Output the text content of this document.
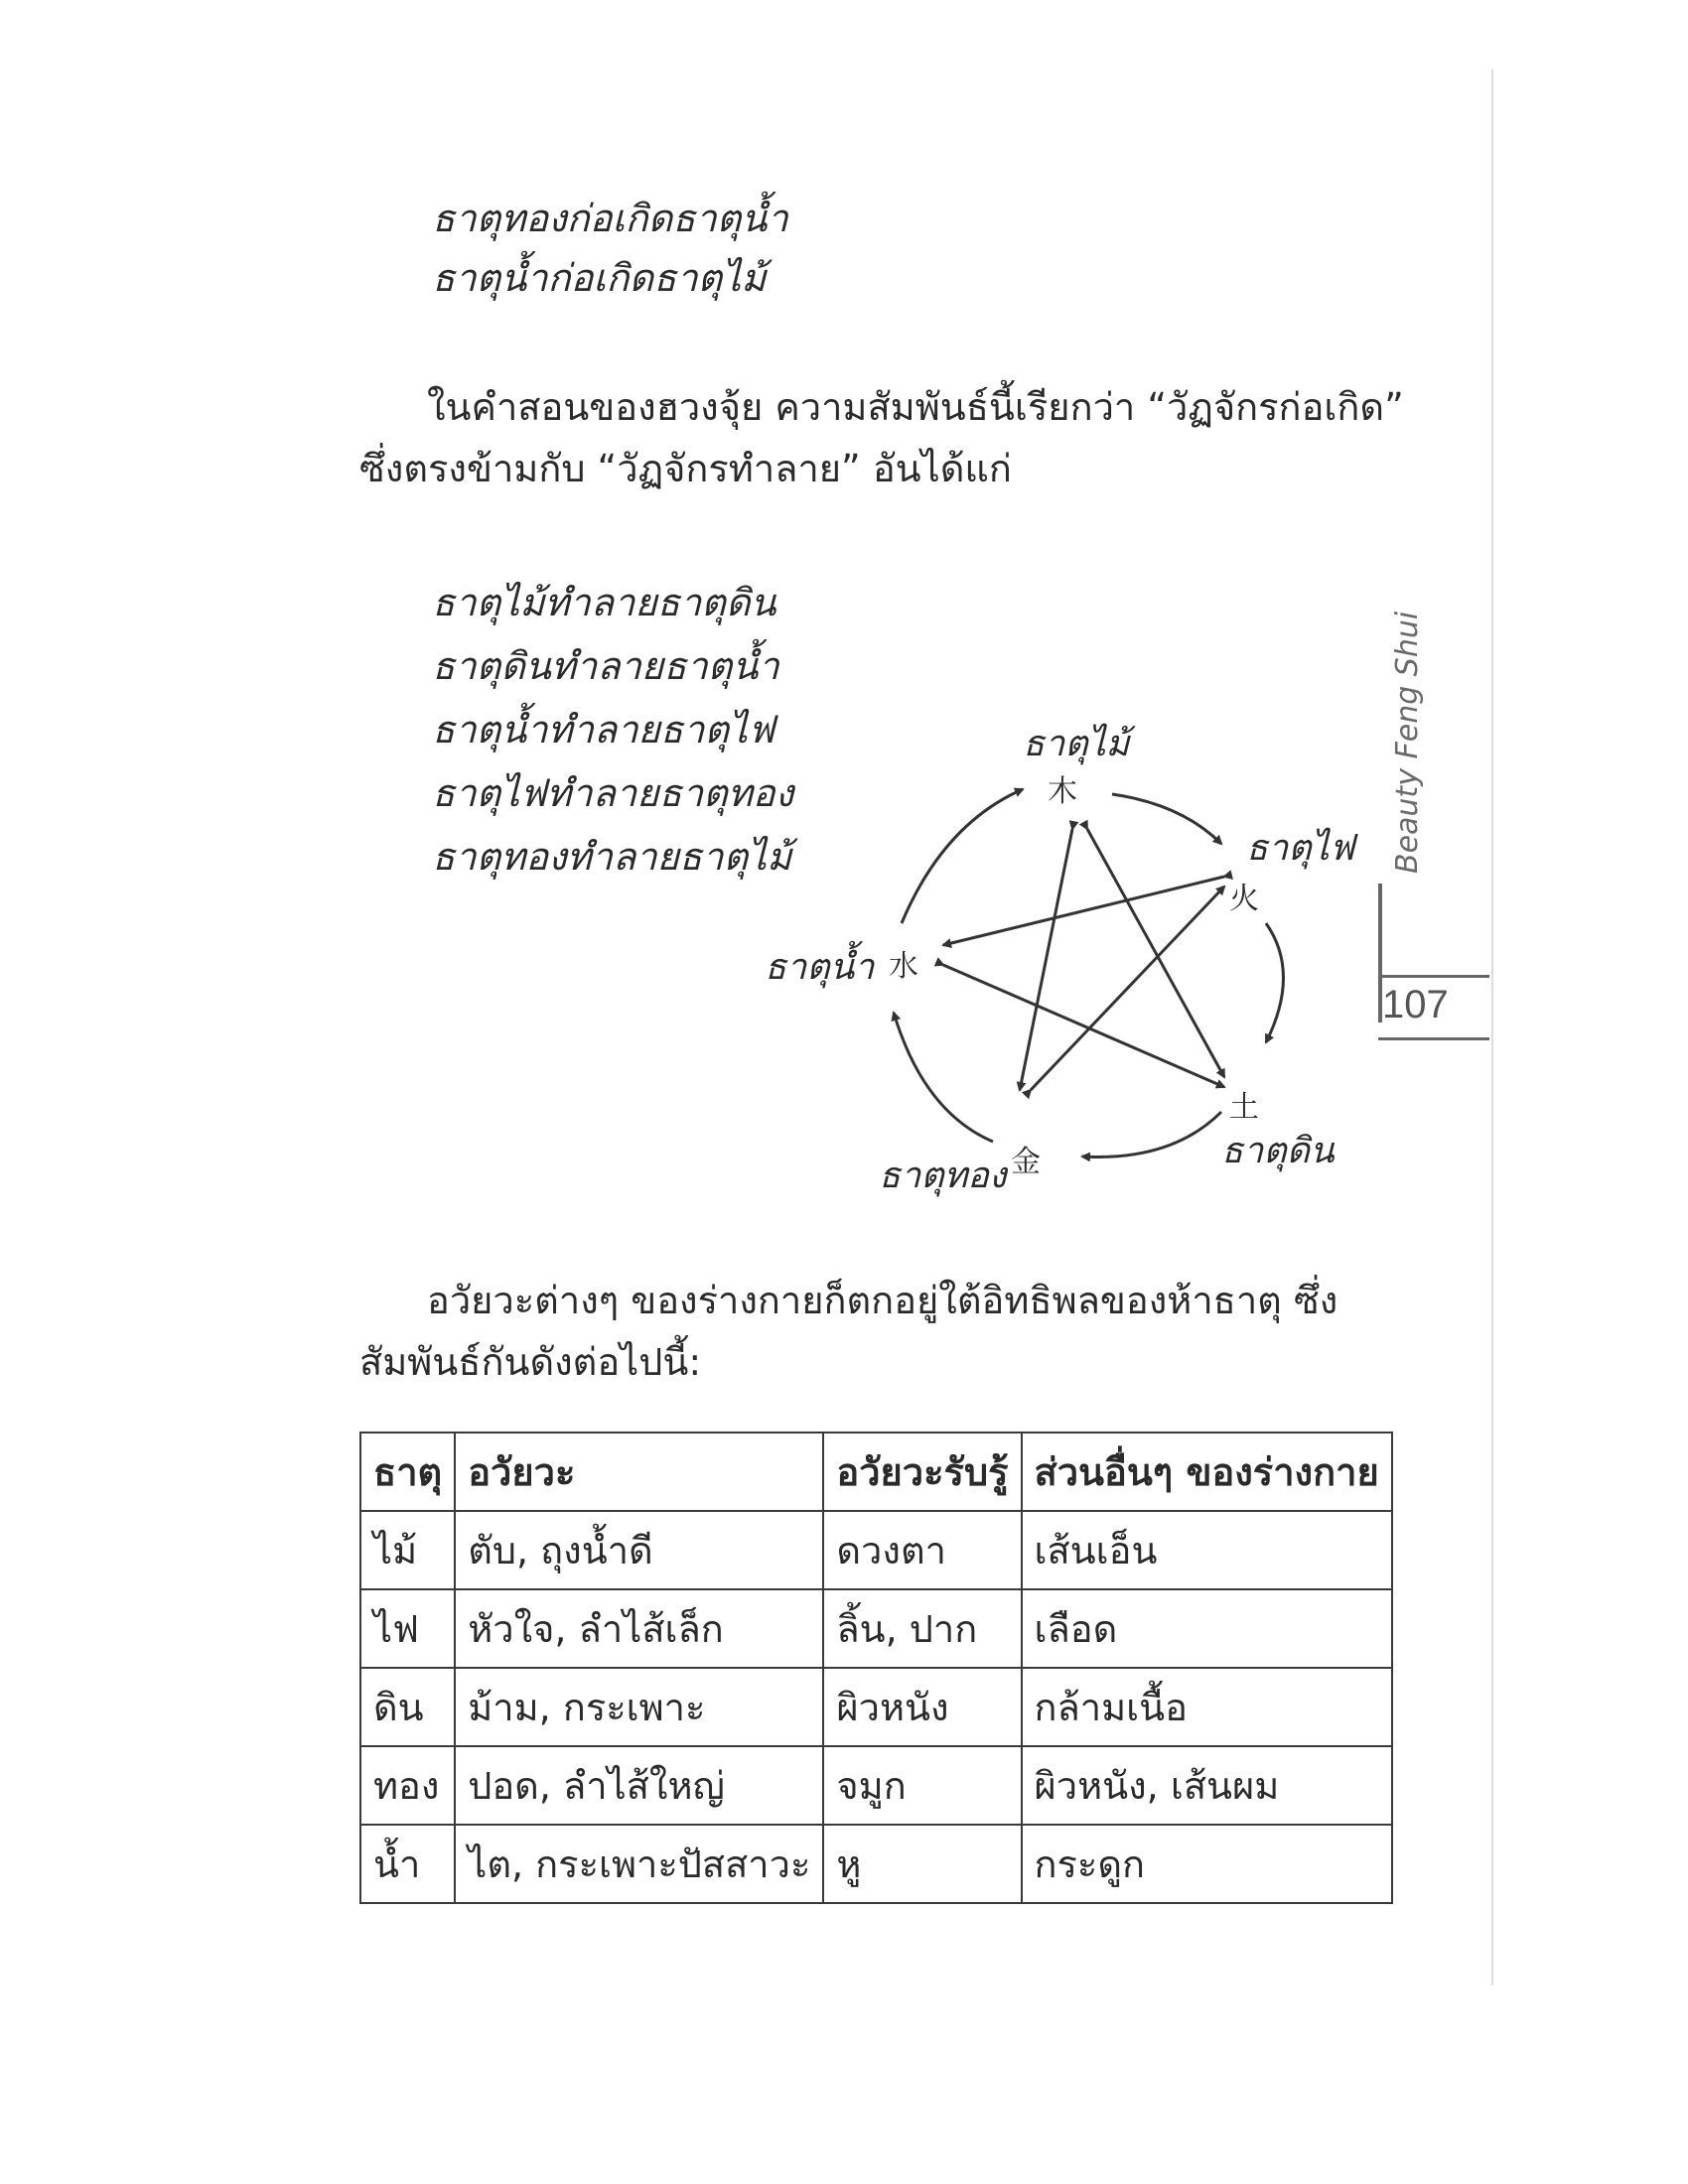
ธาตุทองก่อเกิดธาตุน้ำ
ธาตุน้ำก่อเกิดธาตุไม้
ในคำสอนของฮวงจุ้ย ความสัมพันธ์นี้เรียกว่า “วัฏจักรก่อเกิด”
ซึ่งตรงข้ามกับ “วัฏจักรทำลาย” อันได้แก่
ธาตุไม้ทำลายธาตุดิน
ธาตุดินทำลายธาตุน้ำ
ธาตุน้ำทำลายธาตุไฟ
ธาตุไฟทำลายธาตุทอง
ธาตุทองทำลายธาตุไม้
ธาตุไม้
木
ธาตุไฟ
火
ธาตุน้ำ 水
土
ธาตุดิน
ธาตุทอง 金
Beauty Feng Shui
107
อวัยวะต่างๆ ของร่างกายก็ตกอยู่ใต้อิทธิพลของห้าธาตุ ซึ่ง
สัมพันธ์กันดังต่อไปนี้:
ธาตุ	อวัยวะ	อวัยวะรับรู้	ส่วนอื่นๆ ของร่างกาย
ไม้	ตับ, ถุงน้ำดี	ดวงตา	เส้นเอ็น
ไฟ	หัวใจ, ลำไส้เล็ก	ลิ้น, ปาก	เลือด
ดิน	ม้าม, กระเพาะ	ผิวหนัง	กล้ามเนื้อ
ทอง	ปอด, ลำไส้ใหญ่	จมูก	ผิวหนัง, เส้นผม
น้ำ	ไต, กระเพาะปัสสาวะ	หู	กระดูก
